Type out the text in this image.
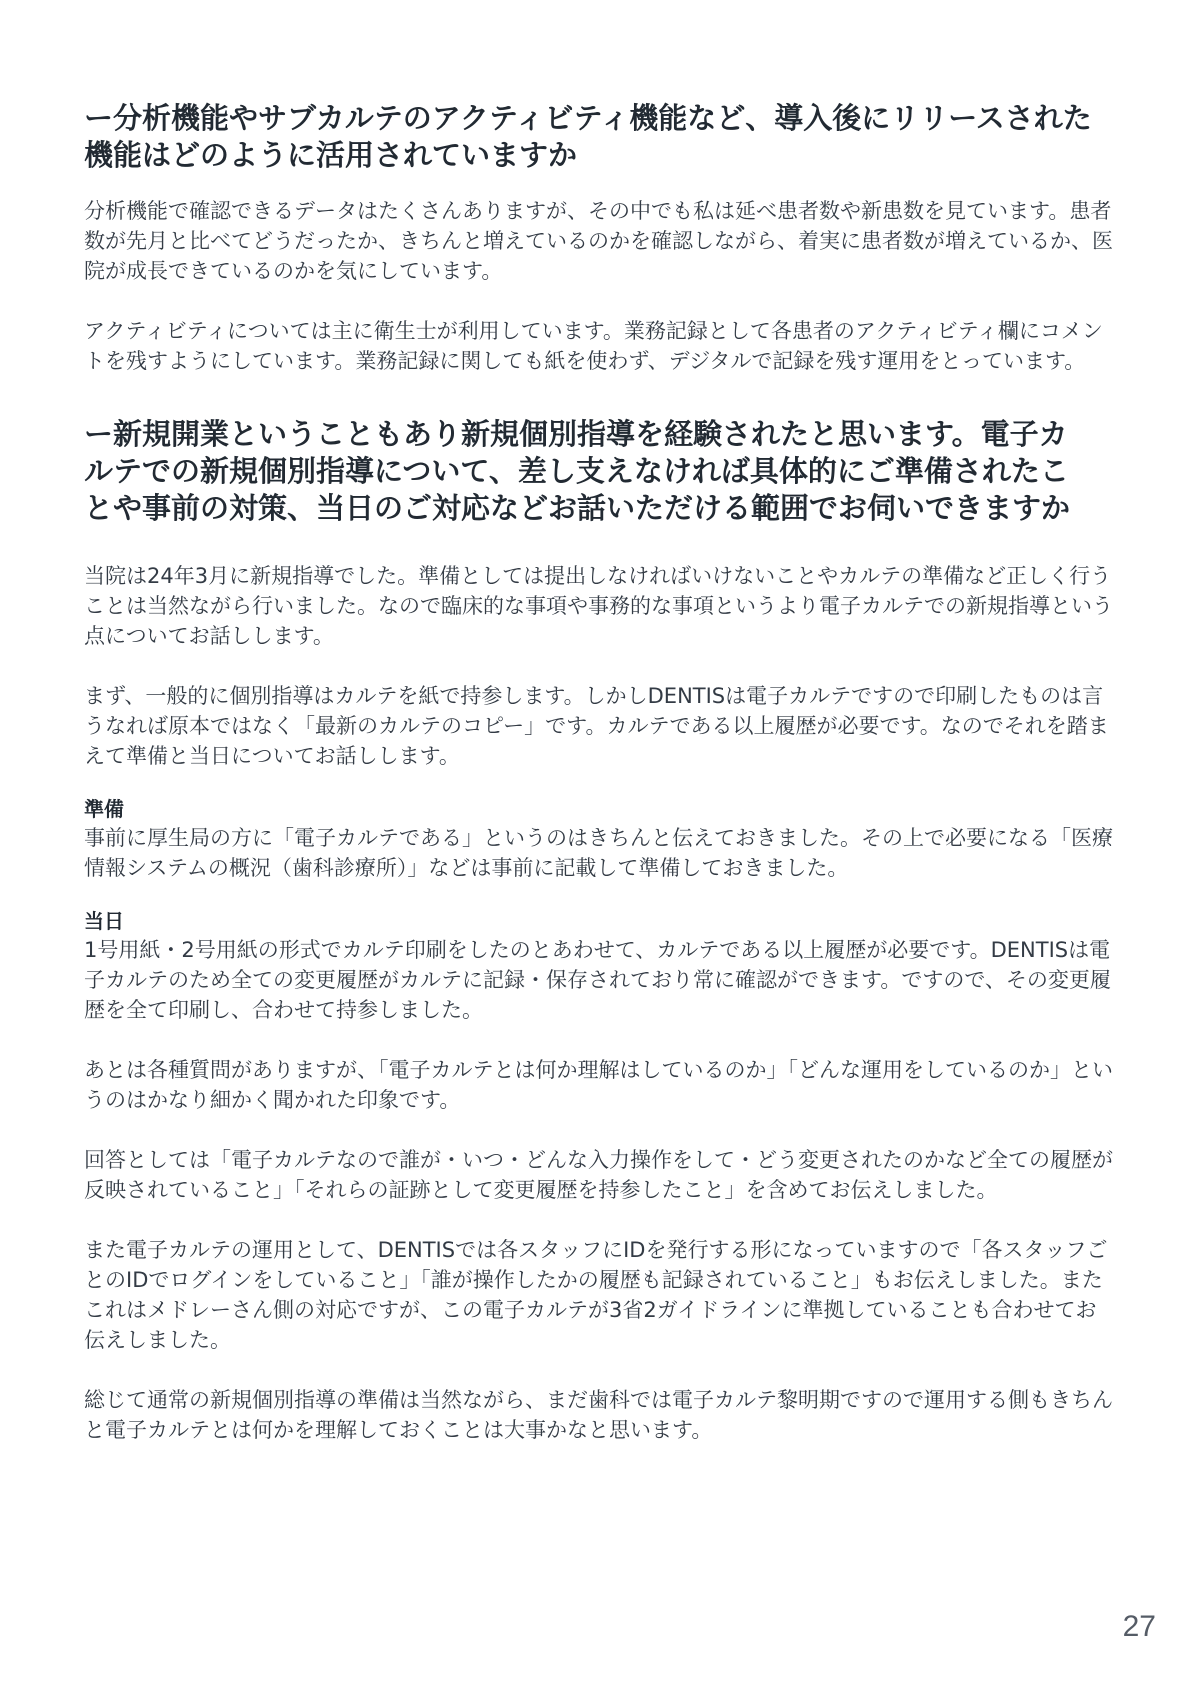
ー分析機能やサブカルテのアクティビティ機能など、導入後にリリースされた機能はどのように活用されていますか

分析機能で確認できるデータはたくさんありますが、その中でも私は延べ患者数や新患数を見ています。患者数が先月と比べてどうだったか、きちんと増えているのかを確認しながら、着実に患者数が増えているか、医院が成長できているのかを気にしています。

アクティビティについては主に衛生士が利用しています。業務記録として各患者のアクティビティ欄にコメントを残すようにしています。業務記録に関しても紙を使わず、デジタルで記録を残す運用をとっています。

ー新規開業ということもあり新規個別指導を経験されたと思います。電子カルテでの新規個別指導について、差し支えなければ具体的にご準備されたことや事前の対策、当日のご対応などお話いただける範囲でお伺いできますか

当院は24年3月に新規指導でした。準備としては提出しなければいけないことやカルテの準備など正しく行うことは当然ながら行いました。なので臨床的な事項や事務的な事項というより電子カルテでの新規指導という点についてお話しします。

まず、一般的に個別指導はカルテを紙で持参します。しかしDENTISは電子カルテですので印刷したものは言うなれば原本ではなく「最新のカルテのコピー」です。カルテである以上履歴が必要です。なのでそれを踏まえて準備と当日についてお話しします。

準備

事前に厚生局の方に「電子カルテである」というのはきちんと伝えておきました。その上で必要になる「医療情報システムの概況（歯科診療所）」などは事前に記載して準備しておきました。

当日

1号用紙・2号用紙の形式でカルテ印刷をしたのとあわせて、カルテである以上履歴が必要です。DENTISは電子カルテのため全ての変更履歴がカルテに記録・保存されており常に確認ができます。ですので、その変更履歴を全て印刷し、合わせて持参しました。

あとは各種質問がありますが、「電子カルテとは何か理解はしているのか」「どんな運用をしているのか」というのはかなり細かく聞かれた印象です。

回答としては「電子カルテなので誰が・いつ・どんな入力操作をして・どう変更されたのかなど全ての履歴が反映されていること」「それらの証跡として変更履歴を持参したこと」を含めてお伝えしました。

また電子カルテの運用として、DENTISでは各スタッフにIDを発行する形になっていますので「各スタッフごとのIDでログインをしていること」「誰が操作したかの履歴も記録されていること」もお伝えしました。またこれはメドレーさん側の対応ですが、この電子カルテが3省2ガイドラインに準拠していることも合わせてお伝えしました。

総じて通常の新規個別指導の準備は当然ながら、まだ歯科では電子カルテ黎明期ですので運用する側もきちんと電子カルテとは何かを理解しておくことは大事かなと思います。

27
